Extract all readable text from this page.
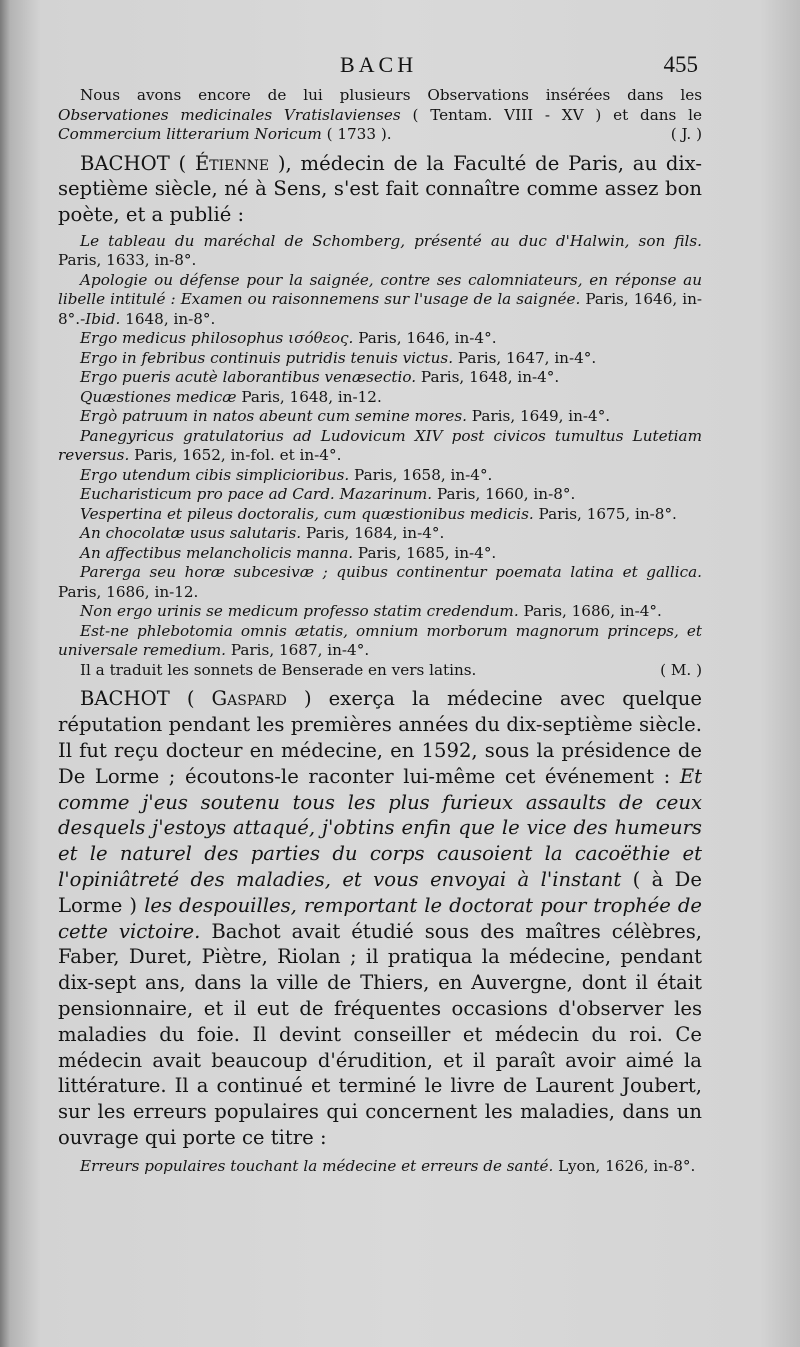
BACH	455

Nous avons encore de lui plusieurs Observations insérées dans les Observationes medicinales Vratislavienses ( Tentam. VIII - XV ) et dans le Commercium litterarium Noricum ( 1733 ).	( J. )

BACHOT ( Étienne ), médecin de la Faculté de Paris, au dix-septième siècle, né à Sens, s'est fait connaître comme assez bon poète, et a publié :

Le tableau du maréchal de Schomberg, présenté au duc d'Halwin, son fils. Paris, 1633, in-8°.

Apologie ou défense pour la saignée, contre ses calomniateurs, en réponse au libelle intitulé : Examen ou raisonnemens sur l'usage de la saignée. Paris, 1646, in-8°.-Ibid. 1648, in-8°.

Ergo medicus philosophus ισόθεος. Paris, 1646, in-4°.

Ergo in febribus continuis putridis tenuis victus. Paris, 1647, in-4°.

Ergo pueris acutè laborantibus venæsectio. Paris, 1648, in-4°.

Quæstiones medicæ Paris, 1648, in-12.

Ergò patruum in natos abeunt cum semine mores. Paris, 1649, in-4°.

Panegyricus gratulatorius ad Ludovicum XIV post civicos tumultus Lutetiam reversus. Paris, 1652, in-fol. et in-4°.

Ergo utendum cibis simplicioribus. Paris, 1658, in-4°.

Eucharisticum pro pace ad Card. Mazarinum. Paris, 1660, in-8°.

Vespertina et pileus doctoralis, cum quæstionibus medicis. Paris, 1675, in-8°.

An chocolatæ usus salutaris. Paris, 1684, in-4°.

An affectibus melancholicis manna. Paris, 1685, in-4°.

Parerga seu horæ subcesivæ ; quibus continentur poemata latina et gallica. Paris, 1686, in-12.

Non ergo urinis se medicum professo statim credendum. Paris, 1686, in-4°.

Est-ne phlebotomia omnis ætatis, omnium morborum magnorum princeps, et universale remedium. Paris, 1687, in-4°.

Il a traduit les sonnets de Benserade en vers latins.	( M. )

BACHOT ( Gaspard ) exerça la médecine avec quelque réputation pendant les premières années du dix-septième siècle. Il fut reçu docteur en médecine, en 1592, sous la présidence de De Lorme ; écoutons-le raconter lui-même cet événement : Et comme j'eus soutenu tous les plus furieux assaults de ceux desquels j'estoys attaqué, j'obtins enfin que le vice des humeurs et le naturel des parties du corps causoient la cacoëthie et l'opiniâtreté des maladies, et vous envoyai à l'instant ( à De Lorme ) les despouilles, remportant le doctorat pour trophée de cette victoire. Bachot avait étudié sous des maîtres célèbres, Faber, Duret, Piètre, Riolan ; il pratiqua la médecine, pendant dix-sept ans, dans la ville de Thiers, en Auvergne, dont il était pensionnaire, et il eut de fréquentes occasions d'observer les maladies du foie. Il devint conseiller et médecin du roi. Ce médecin avait beaucoup d'érudition, et il paraît avoir aimé la littérature. Il a continué et terminé le livre de Laurent Joubert, sur les erreurs populaires qui concernent les maladies, dans un ouvrage qui porte ce titre :

Erreurs populaires touchant la médecine et erreurs de santé. Lyon, 1626, in-8°.
